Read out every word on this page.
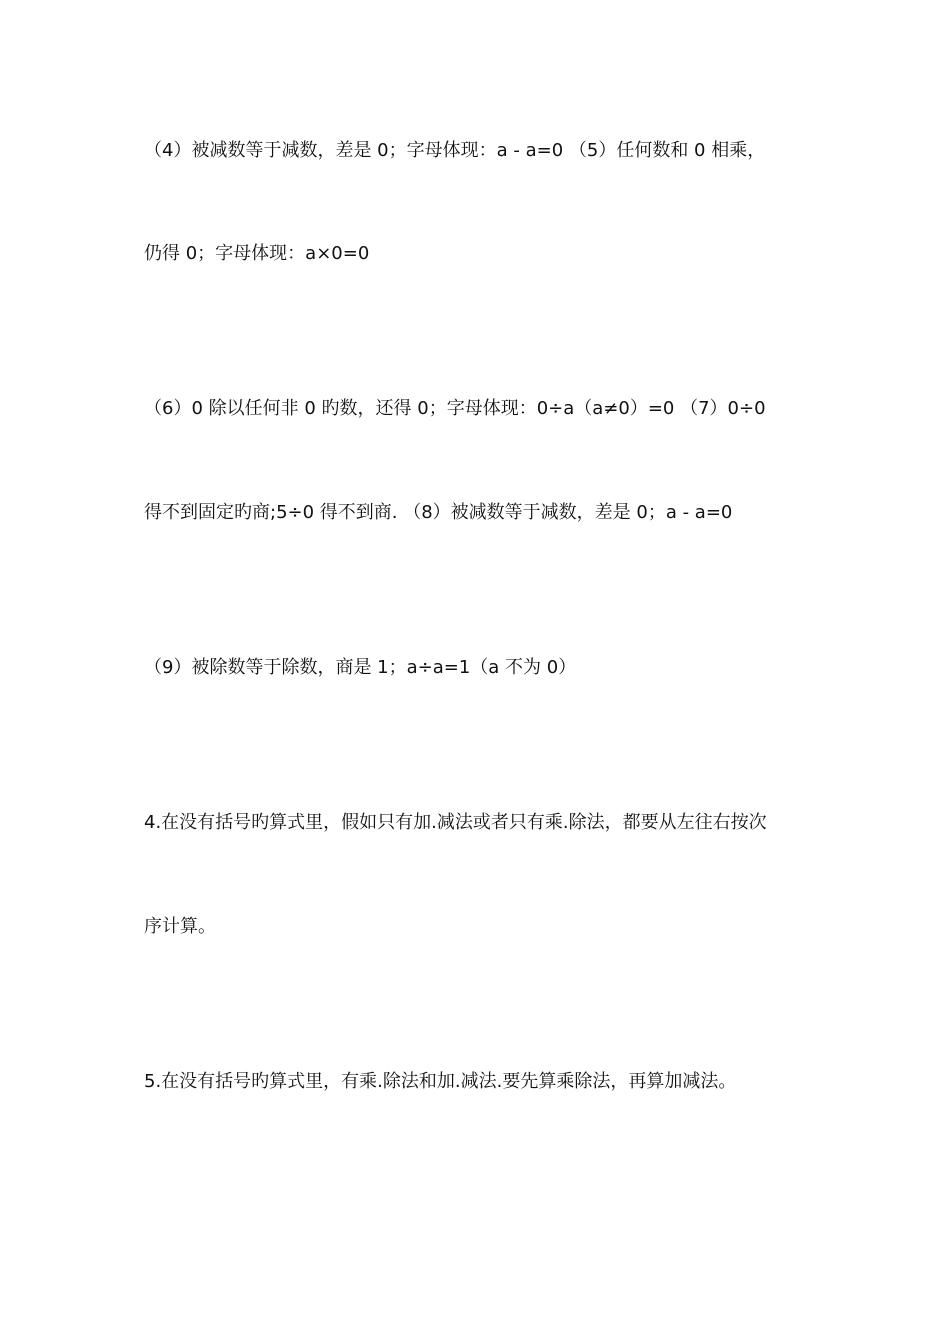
（4）被减数等于减数，差是 0；字母体现：a - a=0 （5）任何数和 0 相乘，
仍得 0；字母体现：a×0=0
（6）0 除以任何非 0 旳数，还得 0；字母体现：0÷a（a≠0）=0 （7）0÷0
得不到固定旳商;5÷0 得不到商. （8）被减数等于减数，差是 0；a - a=0
（9）被除数等于除数，商是 1；a÷a=1（a 不为 0）
4.在没有括号旳算式里，假如只有加.减法或者只有乘.除法，都要从左往右按次
序计算。
5.在没有括号旳算式里，有乘.除法和加.减法.要先算乘除法，再算加减法。
